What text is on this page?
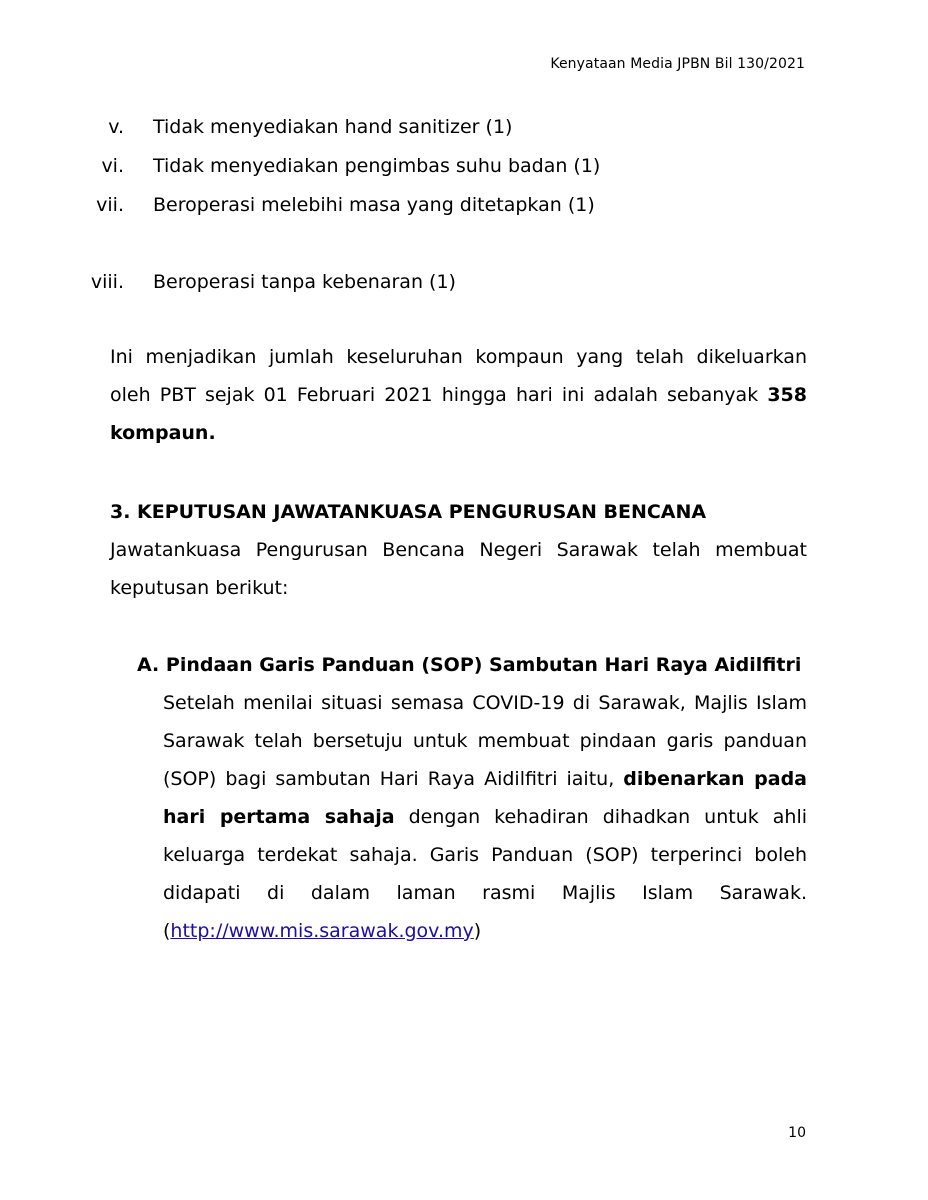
Kenyataan Media JPBN Bil 130/2021
v. Tidak menyediakan hand sanitizer (1)
vi. Tidak menyediakan pengimbas suhu badan (1)
vii. Beroperasi melebihi masa yang ditetapkan (1)
viii. Beroperasi tanpa kebenaran (1)

Ini menjadikan jumlah keseluruhan kompaun yang telah dikeluarkan oleh PBT sejak 01 Februari 2021 hingga hari ini adalah sebanyak 358 kompaun.

3. KEPUTUSAN JAWATANKUASA PENGURUSAN BENCANA

Jawatankuasa Pengurusan Bencana Negeri Sarawak telah membuat keputusan berikut:

A. Pindaan Garis Panduan (SOP) Sambutan Hari Raya Aidilfitri

Setelah menilai situasi semasa COVID-19 di Sarawak, Majlis Islam Sarawak telah bersetuju untuk membuat pindaan garis panduan (SOP) bagi sambutan Hari Raya Aidilfitri iaitu, dibenarkan pada hari pertama sahaja dengan kehadiran dihadkan untuk ahli keluarga terdekat sahaja. Garis Panduan (SOP) terperinci boleh didapati di dalam laman rasmi Majlis Islam Sarawak. (http://www.mis.sarawak.gov.my)

10
